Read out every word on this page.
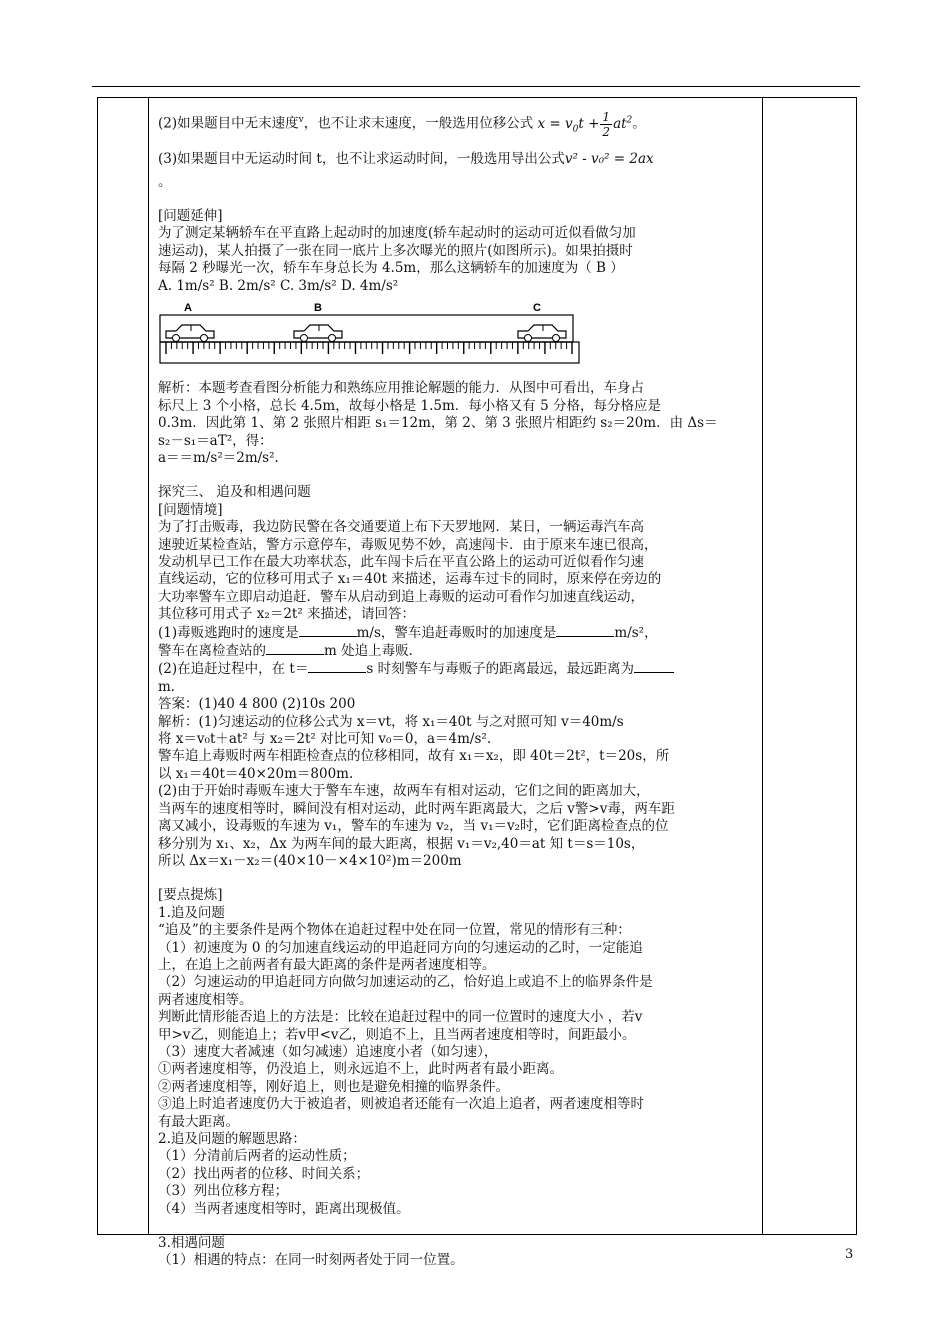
(2)如果题目中无末速度$^v$，也不让求末速度，一般选用位移公式 $x = v_0t + \frac{1}{2} at^2$。

(3)如果题目中无运动时间 t，也不让求运动时间，一般选用导出公式v² - v₀² = 2ax

。

[问题延伸]

为了测定某辆轿车在平直路上起动时的加速度(轿车起动时的运动可近似看做匀加

速运动)，某人拍摄了一张在同一底片上多次曝光的照片(如图所示)。如果拍摄时

每隔 2 秒曝光一次，轿车车身总长为 4.5m，那么这辆轿车的加速度为（ B ）

A. 1m/s² B. 2m/s² C. 3m/s² D. 4m/s²

A	B	C

解析：本题考查看图分析能力和熟练应用推论解题的能力．从图中可看出，车身占

标尺上 3 个小格，总长 4.5m，故每小格是 1.5m．每小格又有 5 分格，每分格应是

0.3m．因此第 1、第 2 张照片相距 s₁＝12m，第 2、第 3 张照片相距约 s₂＝20m．由 Δs＝

s₂－s₁＝aT²，得：

a＝＝m/s²＝2m/s².

探究三、 追及和相遇问题

[问题情境]

为了打击贩毒，我边防民警在各交通要道上布下天罗地网．某日，一辆运毒汽车高

速驶近某检查站，警方示意停车，毒贩见势不妙，高速闯卡．由于原来车速已很高，

发动机早已工作在最大功率状态，此车闯卡后在平直公路上的运动可近似看作匀速

直线运动，它的位移可用式子 x₁＝40t 来描述，运毒车过卡的同时，原来停在旁边的

大功率警车立即启动追赶．警车从启动到追上毒贩的运动可看作匀加速直线运动，

其位移可用式子 x₂＝2t² 来描述，请回答：

(1)毒贩逃跑时的速度是	m/s，警车追赶毒贩时的加速度是	m/s²，

警车在离检查站的	m 处追上毒贩．

(2)在追赶过程中，在 t＝	s 时刻警车与毒贩子的距离最远，最远距离为

m．

答案：(1)40 4 800 (2)10s 200

解析：(1)匀速运动的位移公式为 x＝vt，将 x₁＝40t 与之对照可知 v＝40m/s

将 x＝v₀t＋at² 与 x₂＝2t² 对比可知 v₀＝0，a＝4m/s².

警车追上毒贩时两车相距检查点的位移相同，故有 x₁＝x₂，即 40t＝2t²，t＝20s，所

以 x₁＝40t＝40×20m＝800m.

(2)由于开始时毒贩车速大于警车车速，故两车有相对运动，它们之间的距离加大，

当两车的速度相等时，瞬间没有相对运动，此时两车距离最大，之后 v警>v毒，两车距

离又减小，设毒贩的车速为 v₁，警车的车速为 v₂，当 v₁＝v₂时，它们距离检查点的位

移分别为 x₁、x₂，Δx 为两车间的最大距离，根据 v₁＝v₂,40＝at 知 t＝s＝10s，

所以 Δx＝x₁－x₂＝(40×10－×4×10²)m＝200m

[要点提炼]

1.追及问题

“追及”的主要条件是两个物体在追赶过程中处在同一位置，常见的情形有三种：

（1）初速度为 0 的匀加速直线运动的甲追赶同方向的匀速运动的乙时，一定能追

上，在追上之前两者有最大距离的条件是两者速度相等。

（2）匀速运动的甲追赶同方向做匀加速运动的乙，恰好追上或追不上的临界条件是

两者速度相等。

判断此情形能否追上的方法是：比较在追赶过程中的同一位置时的速度大小 ，若v

甲>v乙，则能追上；若v甲<v乙，则追不上，且当两者速度相等时，间距最小。

（3）速度大者减速（如匀减速）追速度小者（如匀速），

①两者速度相等，仍没追上，则永远追不上，此时两者有最小距离。

②两者速度相等，刚好追上，则也是避免相撞的临界条件。

③追上时追者速度仍大于被追者，则被追者还能有一次追上追者，两者速度相等时

有最大距离。

2.追及问题的解题思路：

（1）分清前后两者的运动性质；

（2）找出两者的位移、时间关系；

（3）列出位移方程；

（4）当两者速度相等时，距离出现极值。

3.相遇问题

（1）相遇的特点：在同一时刻两者处于同一位置。	3
